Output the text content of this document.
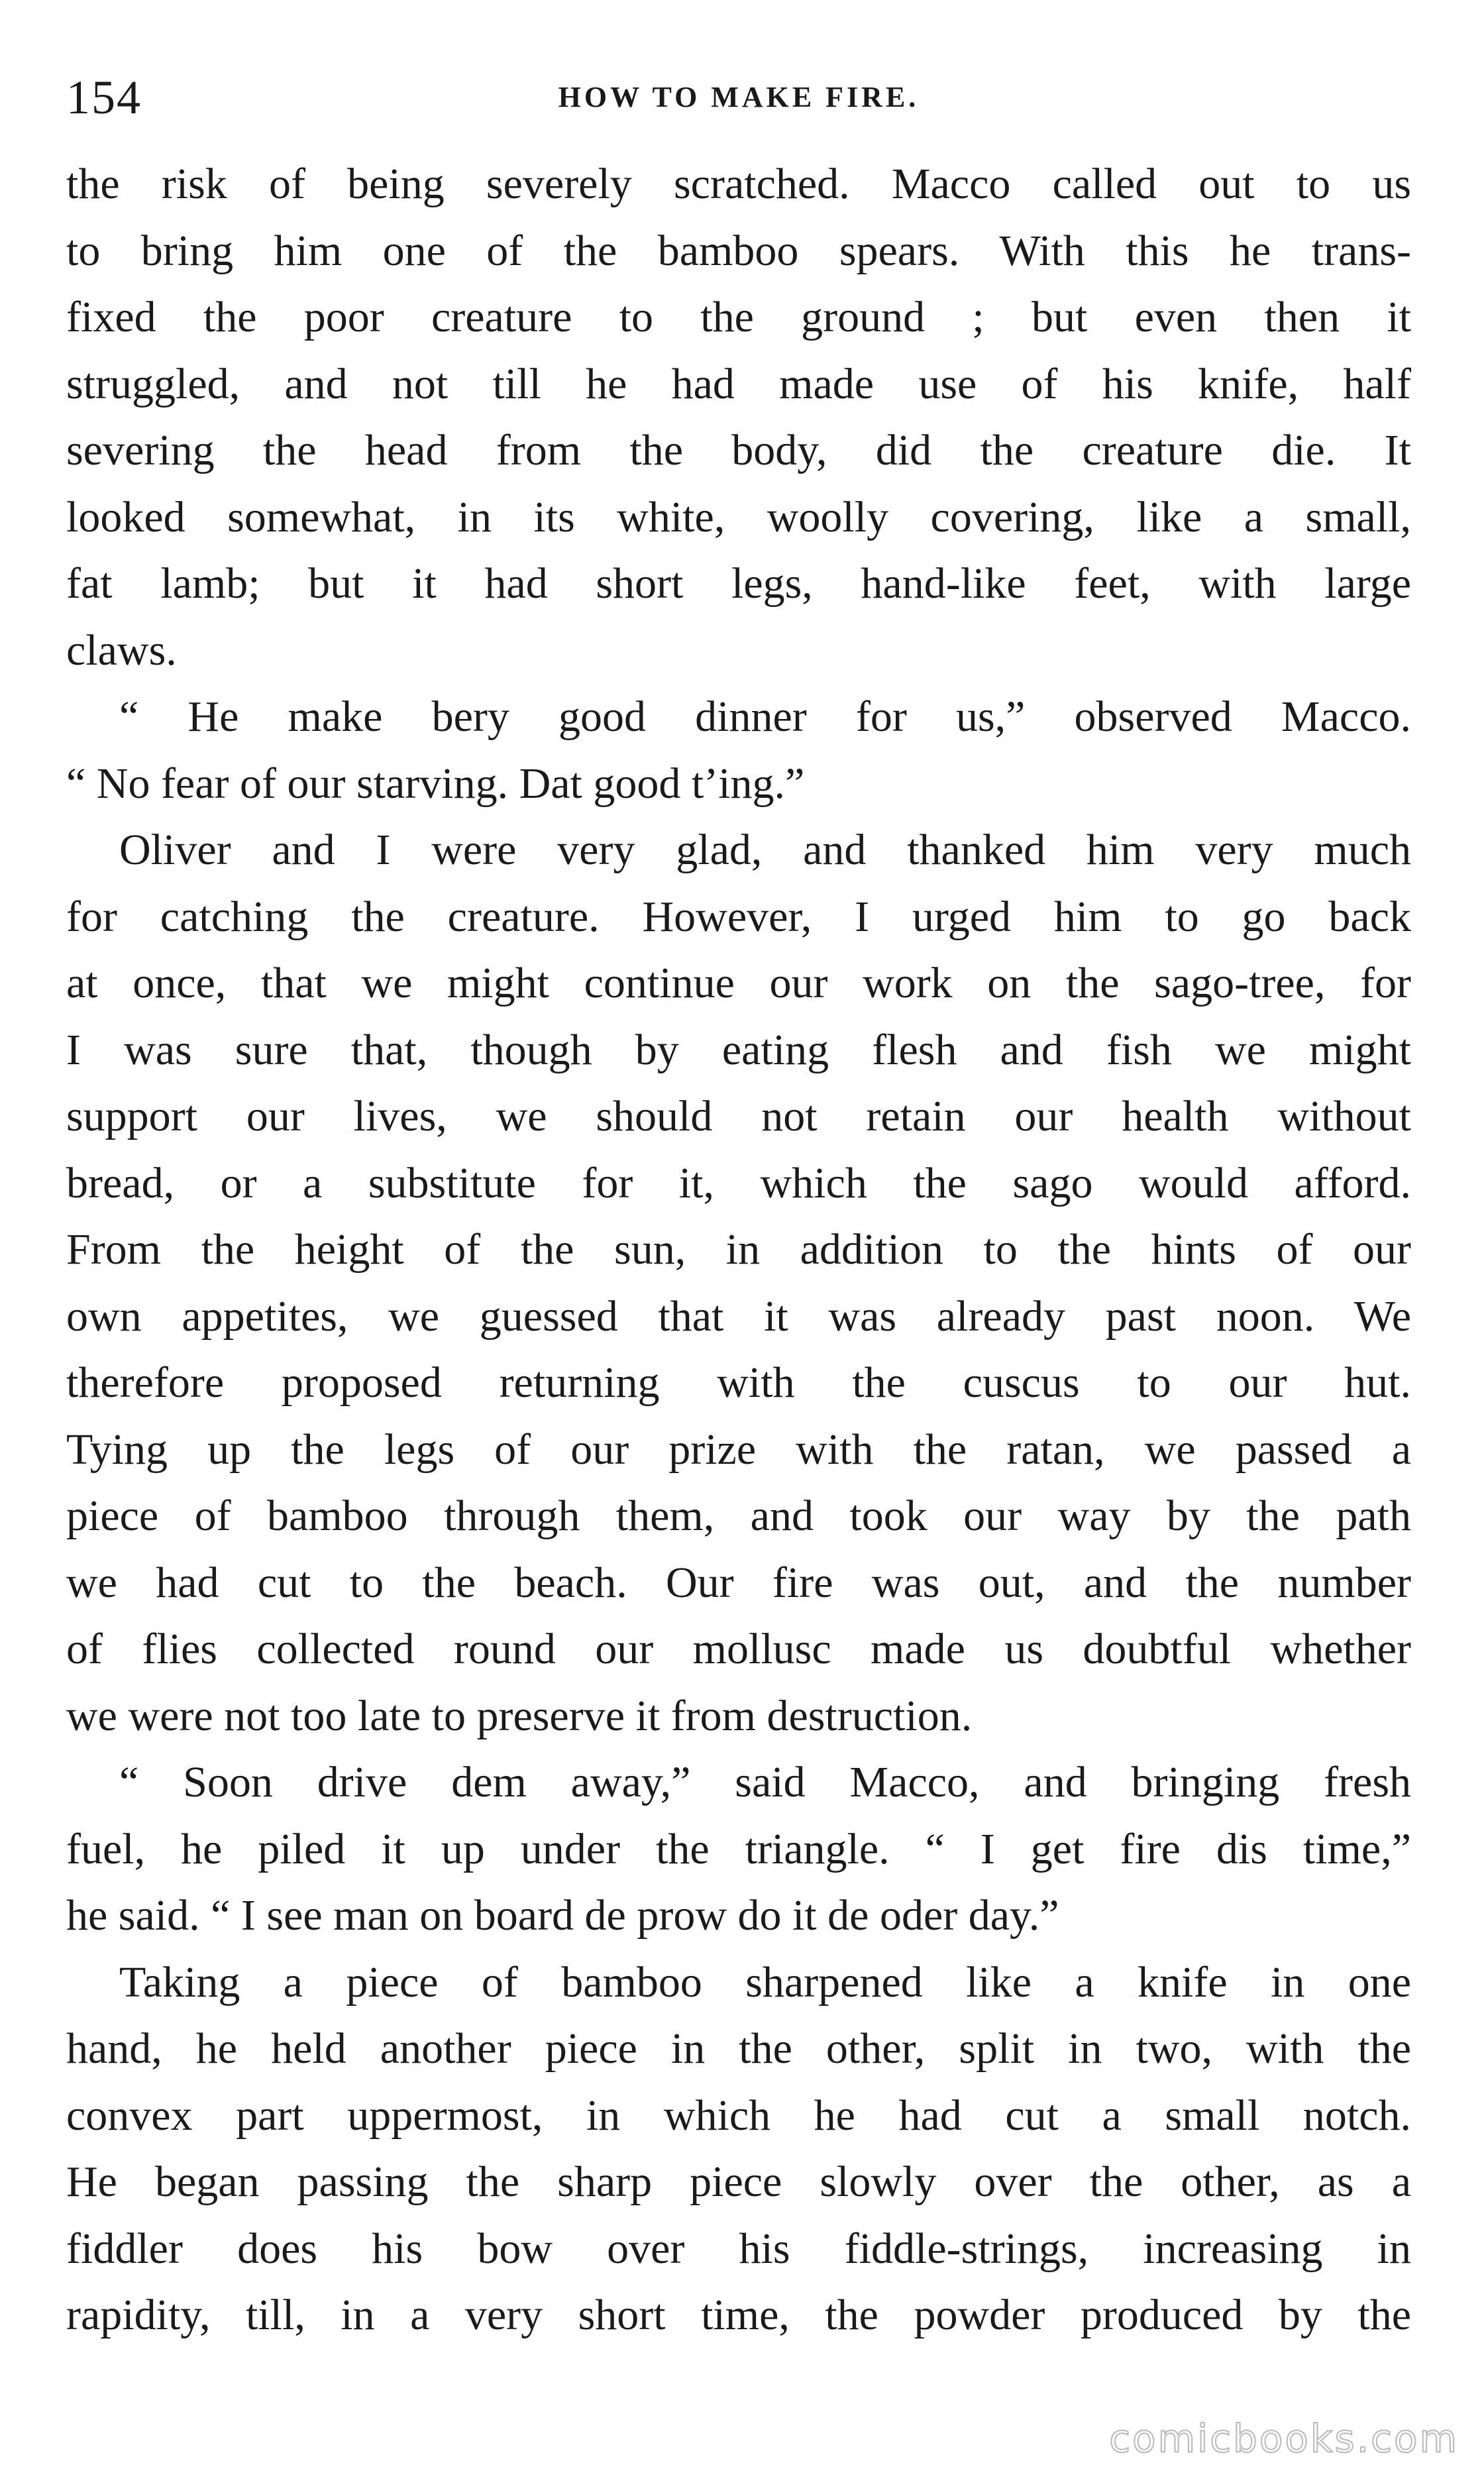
154	HOW TO MAKE FIRE.
the risk of being severely scratched. Macco called out to us
to bring him one of the bamboo spears. With this he trans-
fixed the poor creature to the ground ; but even then it
struggled, and not till he had made use of his knife, half
severing the head from the body, did the creature die. It
looked somewhat, in its white, woolly covering, like a small,
fat lamb; but it had short legs, hand-like feet, with large
claws.
“ He make bery good dinner for us,” observed Macco.
“ No fear of our starving. Dat good t’ing.”
Oliver and I were very glad, and thanked him very much
for catching the creature. However, I urged him to go back
at once, that we might continue our work on the sago-tree, for
I was sure that, though by eating flesh and fish we might
support our lives, we should not retain our health without
bread, or a substitute for it, which the sago would afford.
From the height of the sun, in addition to the hints of our
own appetites, we guessed that it was already past noon. We
therefore proposed returning with the cuscus to our hut.
Tying up the legs of our prize with the ratan, we passed a
piece of bamboo through them, and took our way by the path
we had cut to the beach. Our fire was out, and the number
of flies collected round our mollusc made us doubtful whether
we were not too late to preserve it from destruction.
“ Soon drive dem away,” said Macco, and bringing fresh
fuel, he piled it up under the triangle. “ I get fire dis time,”
he said. “ I see man on board de prow do it de oder day.”
Taking a piece of bamboo sharpened like a knife in one
hand, he held another piece in the other, split in two, with the
convex part uppermost, in which he had cut a small notch.
He began passing the sharp piece slowly over the other, as a
fiddler does his bow over his fiddle-strings, increasing in
rapidity, till, in a very short time, the powder produced by the
comicbooks.com
